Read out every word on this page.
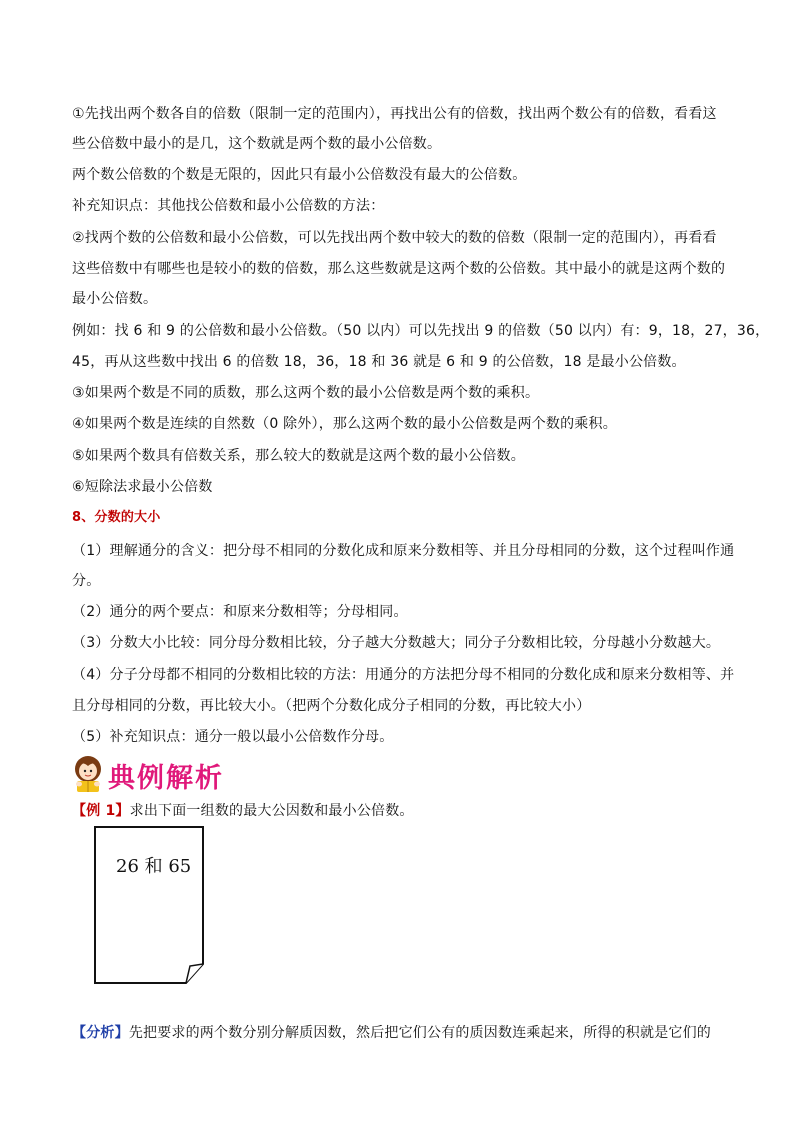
①先找出两个数各自的倍数（限制一定的范围内），再找出公有的倍数，找出两个数公有的倍数，看看这
些公倍数中最小的是几，这个数就是两个数的最小公倍数。
两个数公倍数的个数是无限的，因此只有最小公倍数没有最大的公倍数。
补充知识点：其他找公倍数和最小公倍数的方法：
②找两个数的公倍数和最小公倍数，可以先找出两个数中较大的数的倍数（限制一定的范围内），再看看
这些倍数中有哪些也是较小的数的倍数，那么这些数就是这两个数的公倍数。其中最小的就是这两个数的
最小公倍数。
例如：找 6 和 9 的公倍数和最小公倍数。（50 以内）可以先找出 9 的倍数（50 以内）有：9，18，27，36，
45，再从这些数中找出 6 的倍数 18，36，18 和 36 就是 6 和 9 的公倍数，18 是最小公倍数。
③如果两个数是不同的质数，那么这两个数的最小公倍数是两个数的乘积。
④如果两个数是连续的自然数（0 除外），那么这两个数的最小公倍数是两个数的乘积。
⑤如果两个数具有倍数关系，那么较大的数就是这两个数的最小公倍数。
⑥短除法求最小公倍数
8、分数的大小
（1）理解通分的含义：把分母不相同的分数化成和原来分数相等、并且分母相同的分数，这个过程叫作通
分。
（2）通分的两个要点：和原来分数相等；分母相同。
（3）分数大小比较：同分母分数相比较，分子越大分数越大；同分子分数相比较，分母越小分数越大。
（4）分子分母都不相同的分数相比较的方法：用通分的方法把分母不相同的分数化成和原来分数相等、并
且分母相同的分数，再比较大小。（把两个分数化成分子相同的分数，再比较大小）
（5）补充知识点：通分一般以最小公倍数作分母。
典例解析
【例 1】求出下面一组数的最大公因数和最小公倍数。
26 和 65
【分析】先把要求的两个数分别分解质因数，然后把它们公有的质因数连乘起来，所得的积就是它们的
